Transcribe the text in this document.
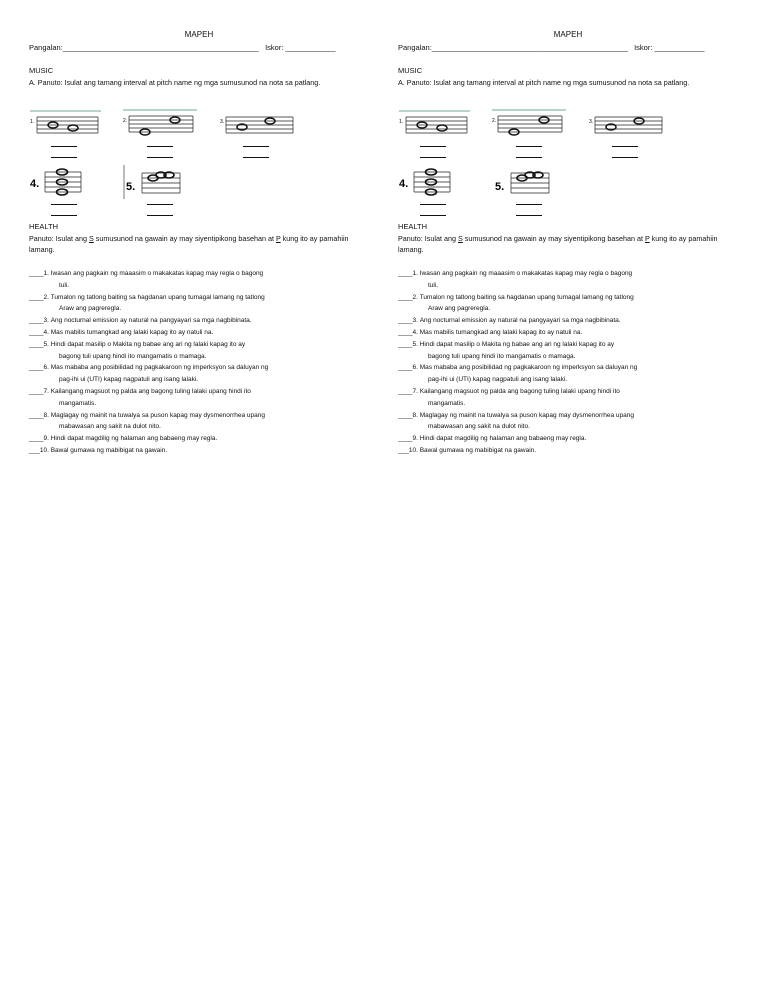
MAPEH
Pangalan:_______________________________________________ Iskor: ____________
MUSIC
A. Panuto: Isulat ang tamang interval at pitch name ng mga sumusunod na nota sa patlang.
1.	2.	3.
4.	5.
HEALTH
Panuto: Isulat ang S sumusunod na gawain ay may siyentipikong basehan at P kung ito ay pamahiin lamang.
____ 1.
Iwasan ang pagkain ng maaasim o makakatas kapag may regla o bagong
tuli.
____ 2.
Tumalon ng tatlong baiting sa hagdanan upang tumagal lamang ng tatlong
Araw ang pagreregla.
____ 3.
Ang nocturnal emission ay natural na pangyayari sa mga nagbibinata.
____ 4.
Mas mabilis tumangkad ang lalaki kapag ito ay natuli na.
____ 5.
Hindi dapat masilip o Makita ng babae ang ari ng lalaki kapag ito ay
bagong tuli upang hindi ito mangamatis o mamaga.
____ 6.
Mas mababa ang posibilidad ng pagkakaroon ng imperksyon sa daluyan ng
pag-ihi ui (UTI) kapag nagpatuli ang isang lalaki.
____ 7.
Kailangang magsuot ng palda ang bagong tuling lalaki upang hindi ito
mangamatis.
____ 8.
Maglagay ng mainit na tuwalya sa puson kapag may dysmenorrhea upang
mabawasan ang sakit na dulot nito.
____ 9.
Hindi dapat magdilig ng halaman ang babaeng may regla.
___ 10.
Bawal gumawa ng mabibigat na gawain.
MAPEH
Pangalan:_______________________________________________ Iskor: ____________
MUSIC
A. Panuto: Isulat ang tamang interval at pitch name ng mga sumusunod na nota sa patlang.
1.	2.	3.
4.	5.
HEALTH
Panuto: Isulat ang S sumusunod na gawain ay may siyentipikong basehan at P kung ito ay pamahiin lamang.
____ 1.
Iwasan ang pagkain ng maaasim o makakatas kapag may regla o bagong
tuli.
____ 2.
Tumalon ng tatlong baiting sa hagdanan upang tumagal lamang ng tatlong
Araw ang pagreregla.
____ 3.
Ang nocturnal emission ay natural na pangyayari sa mga nagbibinata.
____ 4.
Mas mabilis tumangkad ang lalaki kapag ito ay natuli na.
____ 5.
Hindi dapat masilip o Makita ng babae ang ari ng lalaki kapag ito ay
bagong tuli upang hindi ito mangamatis o mamaga.
____ 6.
Mas mababa ang posibilidad ng pagkakaroon ng imperksyon sa daluyan ng
pag-ihi ui (UTI) kapag nagpatuli ang isang lalaki.
____ 7.
Kailangang magsuot ng palda ang bagong tuling lalaki upang hindi ito
mangamatis.
____ 8.
Maglagay ng mainit na tuwalya sa puson kapag may dysmenorrhea upang
mabawasan ang sakit na dulot nito.
____ 9.
Hindi dapat magdilig ng halaman ang babaeng may regla.
___ 10.
Bawal gumawa ng mabibigat na gawain.
